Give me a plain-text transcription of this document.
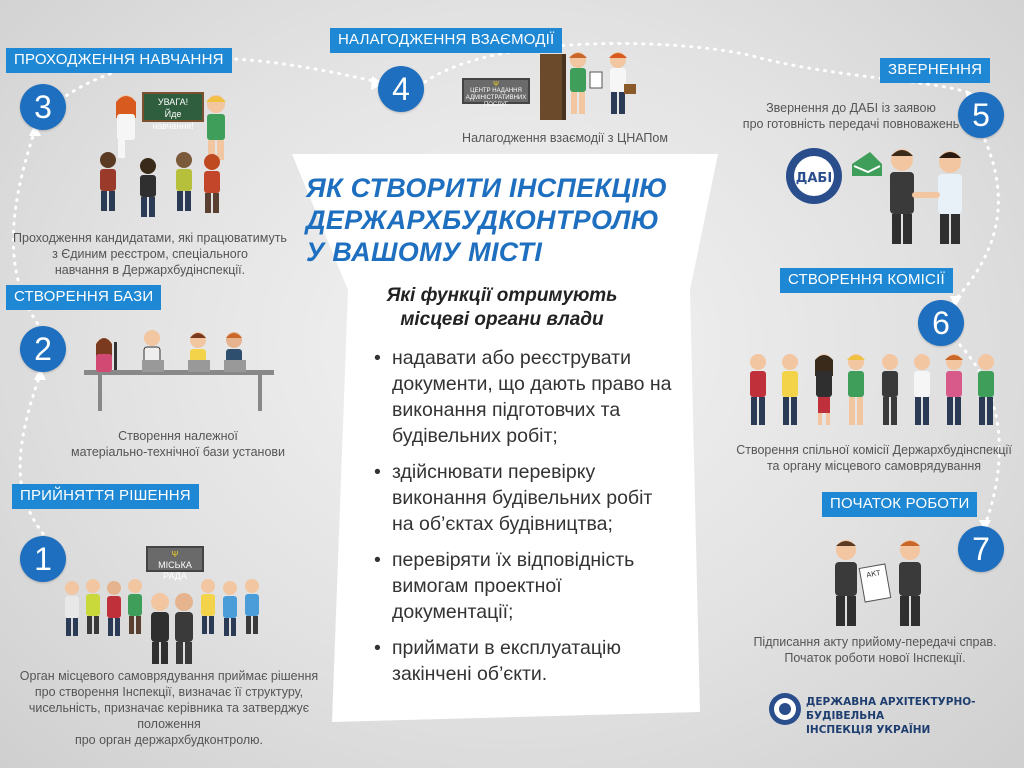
ЯК СТВОРИТИ ІНСПЕКЦІЮ
ДЕРЖАРХБУДКОНТРОЛЮ
У ВАШОМУ МІСТІ
Які функції отримують
місцеві органи влади
• надавати або реєструвати документи, що дають право на виконання підготовчих та будівельних робіт;
• здійснювати перевірку виконання будівельних робіт на об’єктах будівництва;
• перевіряти їх відповідність вимогам проектної документації;
• приймати в експлуатацію закінчені об’єкти.
ПРИЙНЯТТЯ РІШЕННЯ
1	Ψ
МІСЬКА РАДА
Орган місцевого самоврядування приймає рішення
про створення Інспекції, визначає її структуру,
чисельність, призначає керівника та затверджує положення
про орган держархбудконтролю.
СТВОРЕННЯ БАЗИ
2
Створення належної
матеріально-технічної бази установи
ПРОХОДЖЕННЯ НАВЧАННЯ
3	УВАГА!
Йде навчання!
Проходження кандидатами, які працюватимуть
з Єдиним реєстром, спеціального
навчання в Держархбудінспекції.
НАЛАГОДЖЕННЯ ВЗАЄМОДІЇ
4	Ψ
ЦЕНТР НАДАННЯ
АДМІНІСТРАТИВНИХ
ПОСЛУГ
Налагодження взаємодії з ЦНАПом
ЗВЕРНЕННЯ
5
Звернення до ДАБІ із заявою
про готовність передачі повноважень
ДАБІ
СТВОРЕННЯ КОМІСІЇ
6
Створення спільної комісії Держархбудінспекції
та органу місцевого самоврядування
ПОЧАТОК РОБОТИ
7
АКТ
Підписання акту прийому-передачі справ.
Початок роботи нової Інспекції.
ДЕРЖАВНА АРХІТЕКТУРНО-БУДІВЕЛЬНА
ІНСПЕКЦІЯ УКРАЇНИ
